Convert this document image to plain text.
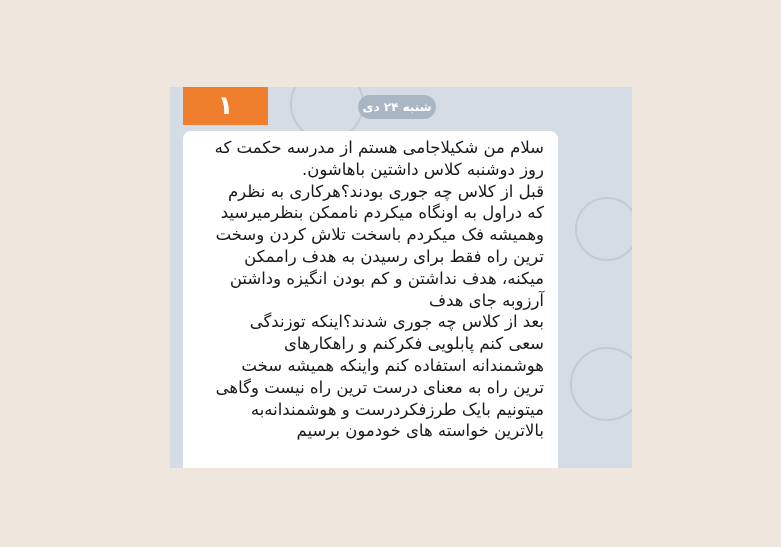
۱	شنبه ۲۴ دی
سلام من شکیلاجامی هستم از مدرسه حکمت که
روز دوشنبه کلاس داشتین باهاشون.
قبل از کلاس چه جوری بودند؟هرکاری به نظرم
که دراول به اونگاه میکردم ناممکن بنظرمیرسید
وهمیشه فک میکردم باسخت تلاش کردن وسخت
ترین راه فقط برای رسیدن به هدف راممکن
میکنه، هدف نداشتن و کم بودن انگیزه وداشتن
آرزوبه جای هدف
بعد از کلاس چه جوری شدند؟اینکه توزندگی
سعی کنم پابلویی فکرکنم و راهکارهای
هوشمندانه استفاده کنم واینکه همیشه سخت
ترین راه به معنای درست ترین راه نیست وگاهی
میتونیم بایک طرزفکردرست و هوشمندانه‌به
بالاترین خواسته های خودمون برسیم
